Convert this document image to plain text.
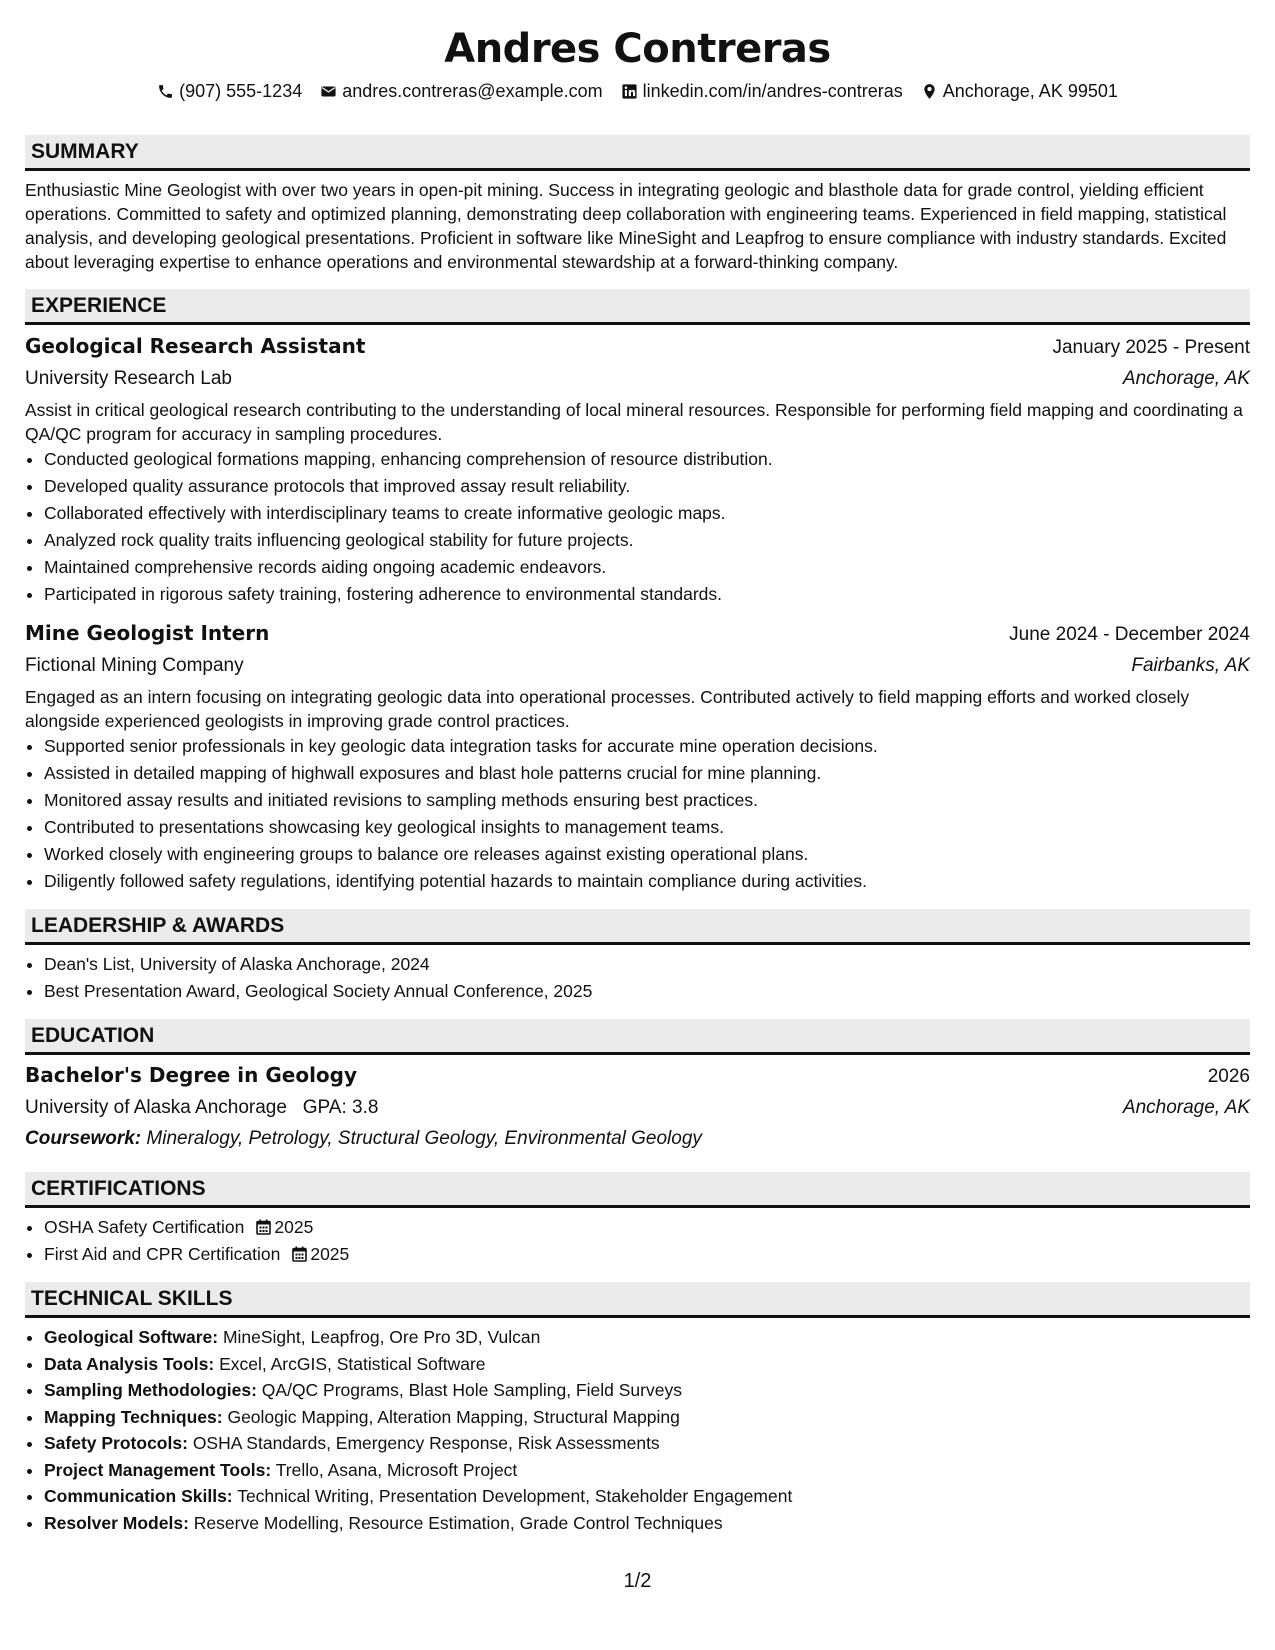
Andres Contreras
(907) 555-1234 andres.contreras@example.com linkedin.com/in/andres-contreras Anchorage, AK 99501
SUMMARY
Enthusiastic Mine Geologist with over two years in open-pit mining. Success in integrating geologic and blasthole data for grade control, yielding efficient operations. Committed to safety and optimized planning, demonstrating deep collaboration with engineering teams. Experienced in field mapping, statistical analysis, and developing geological presentations. Proficient in software like MineSight and Leapfrog to ensure compliance with industry standards. Excited about leveraging expertise to enhance operations and environmental stewardship at a forward-thinking company.
EXPERIENCE
Geological Research Assistant	January 2025 - Present
University Research Lab	Anchorage, AK
Assist in critical geological research contributing to the understanding of local mineral resources. Responsible for performing field mapping and coordinating a QA/QC program for accuracy in sampling procedures.
• Conducted geological formations mapping, enhancing comprehension of resource distribution.
• Developed quality assurance protocols that improved assay result reliability.
• Collaborated effectively with interdisciplinary teams to create informative geologic maps.
• Analyzed rock quality traits influencing geological stability for future projects.
• Maintained comprehensive records aiding ongoing academic endeavors.
• Participated in rigorous safety training, fostering adherence to environmental standards.
Mine Geologist Intern	June 2024 - December 2024
Fictional Mining Company	Fairbanks, AK
Engaged as an intern focusing on integrating geologic data into operational processes. Contributed actively to field mapping efforts and worked closely alongside experienced geologists in improving grade control practices.
• Supported senior professionals in key geologic data integration tasks for accurate mine operation decisions.
• Assisted in detailed mapping of highwall exposures and blast hole patterns crucial for mine planning.
• Monitored assay results and initiated revisions to sampling methods ensuring best practices.
• Contributed to presentations showcasing key geological insights to management teams.
• Worked closely with engineering groups to balance ore releases against existing operational plans.
• Diligently followed safety regulations, identifying potential hazards to maintain compliance during activities.
LEADERSHIP & AWARDS
• Dean's List, University of Alaska Anchorage, 2024
• Best Presentation Award, Geological Society Annual Conference, 2025
EDUCATION
Bachelor's Degree in Geology	2026
University of Alaska Anchorage GPA: 3.8	Anchorage, AK
Coursework: Mineralogy, Petrology, Structural Geology, Environmental Geology
CERTIFICATIONS
• OSHA Safety Certification 2025
• First Aid and CPR Certification 2025
TECHNICAL SKILLS
• Geological Software: MineSight, Leapfrog, Ore Pro 3D, Vulcan
• Data Analysis Tools: Excel, ArcGIS, Statistical Software
• Sampling Methodologies: QA/QC Programs, Blast Hole Sampling, Field Surveys
• Mapping Techniques: Geologic Mapping, Alteration Mapping, Structural Mapping
• Safety Protocols: OSHA Standards, Emergency Response, Risk Assessments
• Project Management Tools: Trello, Asana, Microsoft Project
• Communication Skills: Technical Writing, Presentation Development, Stakeholder Engagement
• Resolver Models: Reserve Modelling, Resource Estimation, Grade Control Techniques
1/2
